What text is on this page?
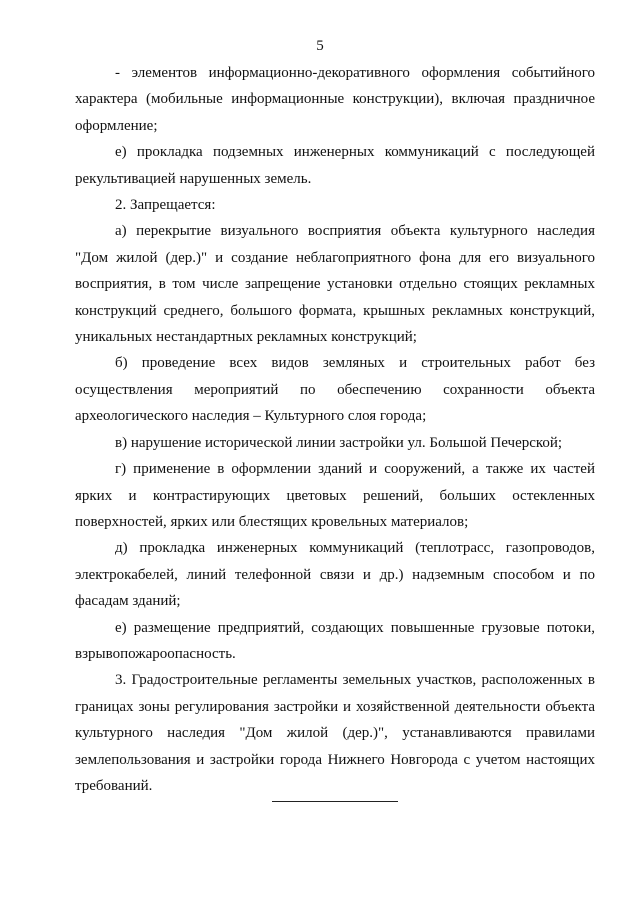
5

- элементов информационно-декоративного оформления событийного характера (мобильные информационные конструкции), включая праздничное оформление;

е) прокладка подземных инженерных коммуникаций с последующей рекультивацией нарушенных земель.

2. Запрещается:

а) перекрытие визуального восприятия объекта культурного наследия "Дом жилой (дер.)" и создание неблагоприятного фона для его визуального восприятия, в том числе запрещение установки отдельно стоящих рекламных конструкций среднего, большого формата, крышных рекламных конструкций, уникальных нестандартных рекламных конструкций;

б) проведение всех видов земляных и строительных работ без осуществления мероприятий по обеспечению сохранности объекта археологического наследия – Культурного слоя города;

в) нарушение исторической линии застройки ул. Большой Печерской;

г) применение в оформлении зданий и сооружений, а также их частей ярких и контрастирующих цветовых решений, больших остекленных поверхностей, ярких или блестящих кровельных материалов;

д) прокладка инженерных коммуникаций (теплотрасс, газопроводов, электрокабелей, линий телефонной связи и др.) надземным способом и по фасадам зданий;

е) размещение предприятий, создающих повышенные грузовые потоки, взрывопожароопасность.

3. Градостроительные регламенты земельных участков, расположенных в границах зоны регулирования застройки и хозяйственной деятельности объекта культурного наследия "Дом жилой (дер.)", устанавливаются правилами землепользования и застройки города Нижнего Новгорода с учетом настоящих требований.
